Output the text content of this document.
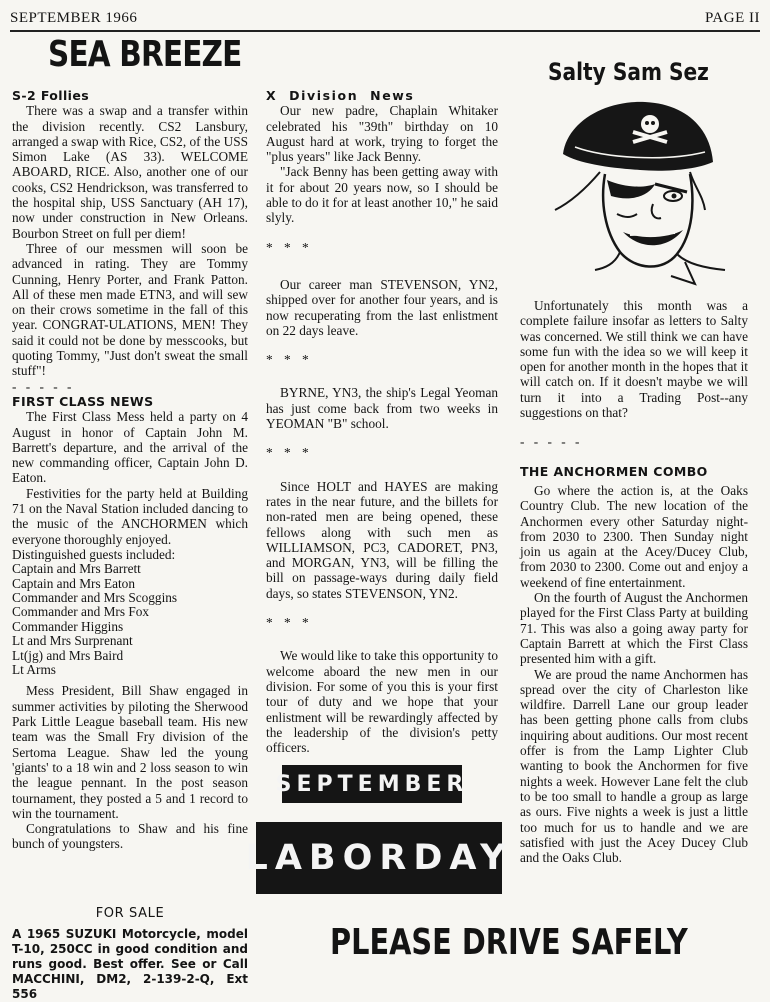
SEPTEMBER 1966	PAGE II
SEA BREEZE

S-2 Follies

There was a swap and a transfer within the division recently. CS2 Lansbury, arranged a swap with Rice, CS2, of the USS Simon Lake (AS 33). WELCOME ABOARD, RICE. Also, another one of our cooks, CS2 Hendrickson, was transferred to the hospital ship, USS Sanctuary (AH 17), now under construction in New Orleans. Bourbon Street on full per diem!

Three of our messmen will soon be advanced in rating. They are Tommy Cunning, Henry Porter, and Frank Patton. All of these men made ETN3, and will sew on their crows sometime in the fall of this year. CONGRAT-ULATIONS, MEN! They said it could not be done by messcooks, but quoting Tommy, "Just don't sweat the small stuff"!

- - - - -

FIRST CLASS NEWS

The First Class Mess held a party on 4 August in honor of Captain John M. Barrett's departure, and the arrival of the new commanding officer, Captain John D. Eaton.

Festivities for the party held at Building 71 on the Naval Station included dancing to the music of the ANCHORMEN which everyone thoroughly enjoyed.

Distinguished guests included:

Captain and Mrs Barrett

Captain and Mrs Eaton

Commander and Mrs Scoggins

Commander and Mrs Fox

Commander Higgins

Lt and Mrs Surprenant

Lt(jg) and Mrs Baird

Lt Arms

Mess President, Bill Shaw engaged in summer activities by piloting the Sherwood Park Little League baseball team. His new team was the Small Fry division of the Sertoma League. Shaw led the young 'giants' to a 18 win and 2 loss season to win the league pennant. In the post season tournament, they posted a 5 and 1 record to win the tournament.

Congratulations to Shaw and his fine bunch of youngsters.

FOR SALE

A 1965 SUZUKI Motorcycle, model T-10, 250CC in good condition and runs good. Best offer. See or Call MACCHINI, DM2, 2-139-2-Q, Ext 556

X  Division  News

Our new padre, Chaplain Whitaker celebrated his "39th" birthday on 10 August hard at work, trying to forget the "plus years" like Jack Benny.

"Jack Benny has been getting away with it for about 20 years now, so I should be able to do it for at least another 10," he said slyly.

* * *

Our career man STEVENSON, YN2, shipped over for another four years, and is now recuperating from the last enlistment on 22 days leave.

* * *

BYRNE, YN3, the ship's Legal Yeoman has just come back from two weeks in YEOMAN "B" school.

* * *

Since HOLT and HAYES are making rates in the near future, and the billets for non-rated men are being opened, these fellows along with such men as WILLIAMSON, PC3, CADORET, PN3, and MORGAN, YN3, will be filling the bill on passage-ways during daily field days, so states STEVENSON, YN2.

* * *

We would like to take this opportunity to welcome aboard the new men in our division. For some of you this is your first tour of duty and we hope that your enlistment will be rewardingly affected by the leadership of the division's petty officers.

SEPTEMBER
LABOR DAY
PLEASE DRIVE SAFELY
Salty Sam Sez

Unfortunately this month was a complete failure insofar as letters to Salty was concerned. We still think we can have some fun with the idea so we will keep it open for another month in the hopes that it will catch on. If it doesn't maybe we will turn it into a Trading Post--any suggestions on that?

- - - - -

THE ANCHORMEN COMBO

Go where the action is, at the Oaks Country Club. The new location of the Anchormen every other Saturday night-from 2030 to 2300. Then Sunday night join us again at the Acey/Ducey Club, from 2030 to 2300. Come out and enjoy a weekend of fine entertainment.

On the fourth of August the Anchormen played for the First Class Party at building 71. This was also a going away party for Captain Barrett at which the First Class presented him with a gift.

We are proud the name Anchormen has spread over the city of Charleston like wildfire. Darrell Lane our group leader has been getting phone calls from clubs inquiring about auditions. Our most recent offer is from the Lamp Lighter Club wanting to book the Anchormen for five nights a week. However Lane felt the club to be too small to handle a group as large as ours. Five nights a week is just a little too much for us to handle and we are satisfied with just the Acey Ducey Club and the Oaks Club.
